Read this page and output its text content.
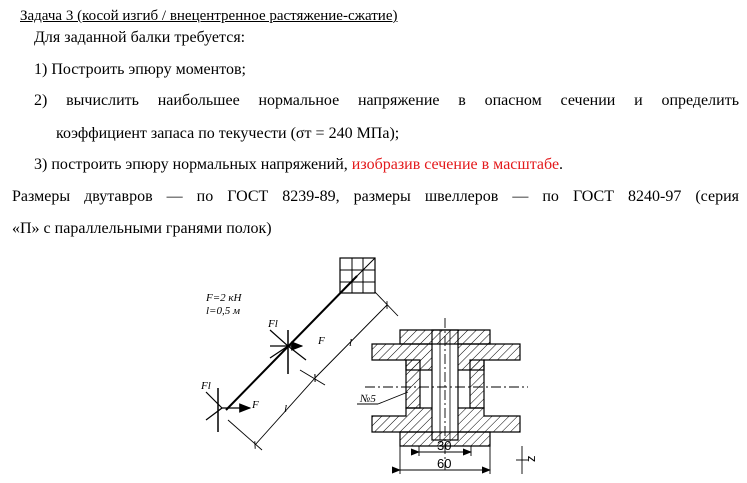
Задача 3 (косой изгиб / внецентренное растяжение-сжатие)
Для заданной балки требуется:
1) Построить эпюру моментов;
2) вычислить наибольшее нормальное напряжение в опасном сечении и определить
коэффициент запаса по текучести (σт = 240 МПа);
3) построить эпюру нормальных напряжений, изобразив сечение в масштабе.
Размеры двутавров — по ГОСТ 8239-89, размеры швеллеров — по ГОСТ 8240-97 (серия
«П» с параллельными гранями полок)
F=2 кН
l=0,5 м
Fl
F l
Fl
F l
№5
30
60	z
